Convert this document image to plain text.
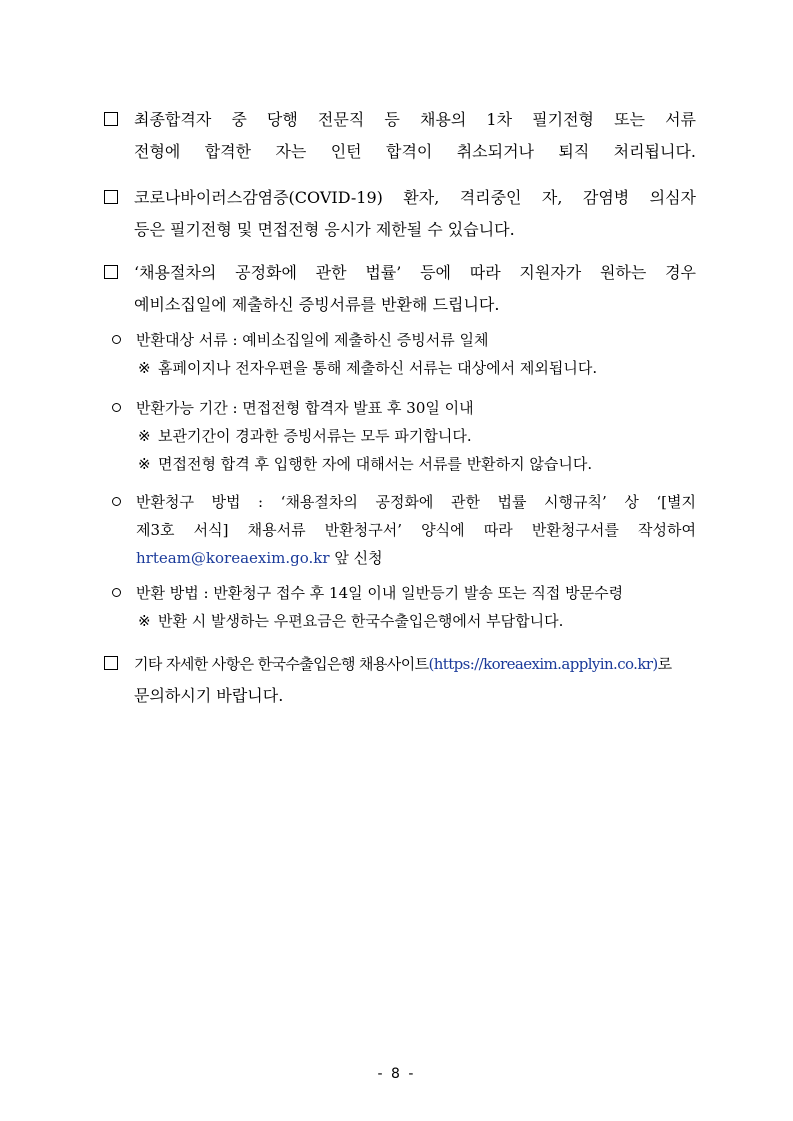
최종합격자 중 당행 전문직 등 채용의 1차 필기전형 또는 서류
전형에 합격한 자는 인턴 합격이 취소되거나 퇴직 처리됩니다.
코로나바이러스감염증(COVID-19) 환자, 격리중인 자, 감염병 의심자
등은 필기전형 및 면접전형 응시가 제한될 수 있습니다.
‘채용절차의 공정화에 관한 법률’ 등에 따라 지원자가 원하는 경우
예비소집일에 제출하신 증빙서류를 반환해 드립니다.
반환대상 서류 : 예비소집일에 제출하신 증빙서류 일체
※ 홈페이지나 전자우편을 통해 제출하신 서류는 대상에서 제외됩니다.
반환가능 기간 : 면접전형 합격자 발표 후 30일 이내
※ 보관기간이 경과한 증빙서류는 모두 파기합니다.
※ 면접전형 합격 후 입행한 자에 대해서는 서류를 반환하지 않습니다.
반환청구 방법 : ‘채용절차의 공정화에 관한 법률 시행규칙’ 상 ‘[별지
제3호 서식] 채용서류 반환청구서’ 양식에 따라 반환청구서를 작성하여
hrteam@koreaexim.go.kr 앞 신청
반환 방법 : 반환청구 접수 후 14일 이내 일반등기 발송 또는 직접 방문수령
※ 반환 시 발생하는 우편요금은 한국수출입은행에서 부담합니다.
기타 자세한 사항은 한국수출입은행 채용사이트(https://koreaexim.applyin.co.kr)로
문의하시기 바랍니다.
- 8 -
